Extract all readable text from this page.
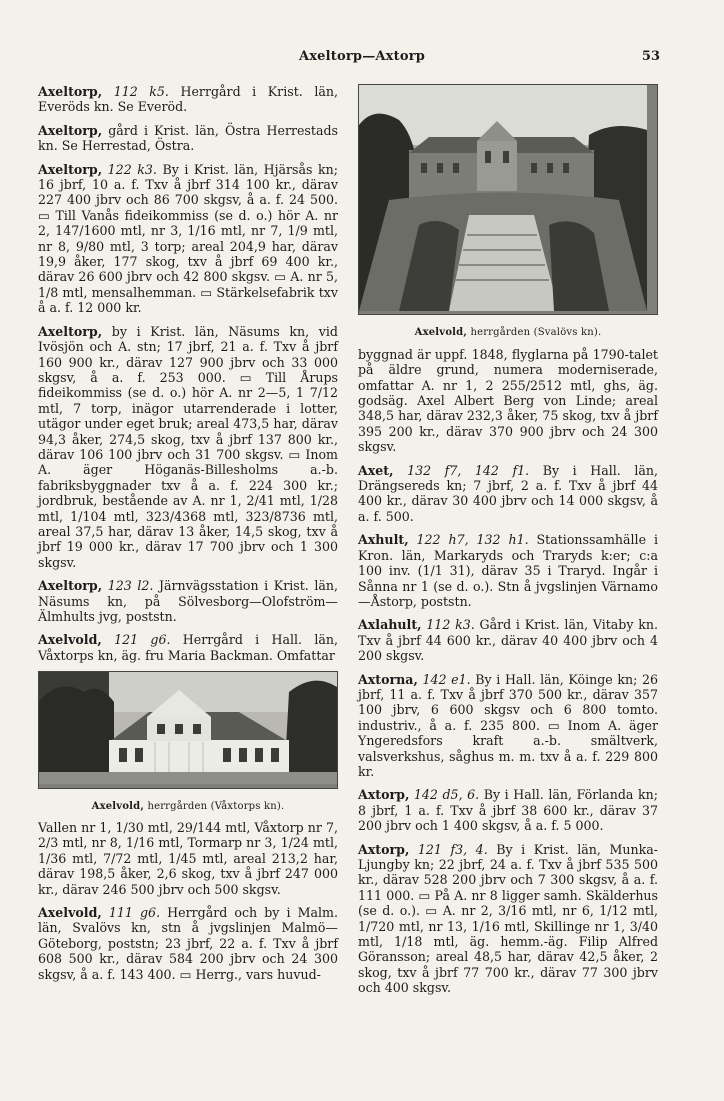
Axeltorp—Axtorp	53

Axeltorp, 112 k5. Herrgård i Krist. län, Everöds kn. Se Everöd.

Axeltorp, gård i Krist. län, Östra Herrestads kn. Se Herrestad, Östra.

Axeltorp, 122 k3. By i Krist. län, Hjärsås kn; 16 jbrf, 10 a. f. Txv å jbrf 314 100 kr., därav 227 400 jbrv och 86 700 skgsv, å a. f. 24 500. ▭ Till Vanås fideikommiss (se d. o.) hör A. nr 2, 147/1600 mtl, nr 3, 1/16 mtl, nr 7, 1/9 mtl, nr 8, 9/80 mtl, 3 torp; areal 204,9 har, därav 19,9 åker, 177 skog, txv å jbrf 69 400 kr., därav 26 600 jbrv och 42 800 skgsv. ▭ A. nr 5, 1/8 mtl, mensalhemman. ▭ Stärkelsefabrik txv å a. f. 12 000 kr.

Axeltorp, by i Krist. län, Näsums kn, vid Ivösjön och A. stn; 17 jbrf, 21 a. f. Txv å jbrf 160 900 kr., därav 127 900 jbrv och 33 000 skgsv, å a. f. 253 000. ▭ Till Årups fideikommiss (se d. o.) hör A. nr 2—5, 1 7/12 mtl, 7 torp, inägor utarrenderade i lotter, utägor under eget bruk; areal 473,5 har, därav 94,3 åker, 274,5 skog, txv å jbrf 137 800 kr., därav 106 100 jbrv och 31 700 skgsv. ▭ Inom A. äger Höganäs-Billesholms a.-b. fabriksbyggnader txv å a. f. 224 300 kr.; jordbruk, bestående av A. nr 1, 2/41 mtl, 1/28 mtl, 1/104 mtl, 323/4368 mtl, 323/8736 mtl, areal 37,5 har, därav 13 åker, 14,5 skog, txv å jbrf 19 000 kr., därav 17 700 jbrv och 1 300 skgsv.

Axeltorp, 123 l2. Järnvägsstation i Krist. län, Näsums kn, på Sölvesborg—Olofström—Älmhults jvg, poststn.

Axelvold, 121 g6. Herrgård i Hall. län, Våxtorps kn, äg. fru Maria Backman. Omfattar

Axelvold, herrgården (Våxtorps kn).

Vallen nr 1, 1/30 mtl, 29/144 mtl, Våxtorp nr 7, 2/3 mtl, nr 8, 1/16 mtl, Tormarp nr 3, 1/24 mtl, 1/36 mtl, 7/72 mtl, 1/45 mtl, areal 213,2 har, därav 198,5 åker, 2,6 skog, txv å jbrf 247 000 kr., därav 246 500 jbrv och 500 skgsv.

Axelvold, 111 g6. Herrgård och by i Malm. län, Svalövs kn, stn å jvgslinjen Malmö—Göteborg, poststn; 23 jbrf, 22 a. f. Txv å jbrf 608 500 kr., därav 584 200 jbrv och 24 300 skgsv, å a. f. 143 400. ▭ Herrg., vars huvud-

Axelvold, herrgården (Svalövs kn).

byggnad är uppf. 1848, flyglarna på 1790-talet på äldre grund, numera moderniserade, omfattar A. nr 1, 2 255/2512 mtl, ghs, äg. godsäg. Axel Albert Berg von Linde; areal 348,5 har, därav 232,3 åker, 75 skog, txv å jbrf 395 200 kr., därav 370 900 jbrv och 24 300 skgsv.

Axet, 132 f7, 142 f1. By i Hall. län, Drängsereds kn; 7 jbrf, 2 a. f. Txv å jbrf 44 400 kr., därav 30 400 jbrv och 14 000 skgsv, å a. f. 500.

Axhult, 122 h7, 132 h1. Stationssamhälle i Kron. län, Markaryds och Traryds k:er; c:a 100 inv. (1/1 31), därav 35 i Traryd. Ingår i Sånna nr 1 (se d. o.). Stn å jvgslinjen Värnamo—Åstorp, poststn.

Axlahult, 112 k3. Gård i Krist. län, Vitaby kn. Txv å jbrf 44 600 kr., därav 40 400 jbrv och 4 200 skgsv.

Axtorna, 142 e1. By i Hall. län, Köinge kn; 26 jbrf, 11 a. f. Txv å jbrf 370 500 kr., därav 357 100 jbrv, 6 600 skgsv och 6 800 tomto. industriv., å a. f. 235 800. ▭ Inom A. äger Yngeredsfors kraft a.-b. smältverk, valsverkshus, såghus m. m. txv å a. f. 229 800 kr.

Axtorp, 142 d5, 6. By i Hall. län, Förlanda kn; 8 jbrf, 1 a. f. Txv å jbrf 38 600 kr., därav 37 200 jbrv och 1 400 skgsv, å a. f. 5 000.

Axtorp, 121 f3, 4. By i Krist. län, Munka-Ljungby kn; 22 jbrf, 24 a. f. Txv å jbrf 535 500 kr., därav 528 200 jbrv och 7 300 skgsv, å a. f. 111 000. ▭ På A. nr 8 ligger samh. Skälderhus (se d. o.). ▭ A. nr 2, 3/16 mtl, nr 6, 1/12 mtl, 1/720 mtl, nr 13, 1/16 mtl, Skillinge nr 1, 3/40 mtl, 1/18 mtl, äg. hemm.-äg. Filip Alfred Göransson; areal 48,5 har, därav 42,5 åker, 2 skog, txv å jbrf 77 700 kr., därav 77 300 jbrv och 400 skgsv.
